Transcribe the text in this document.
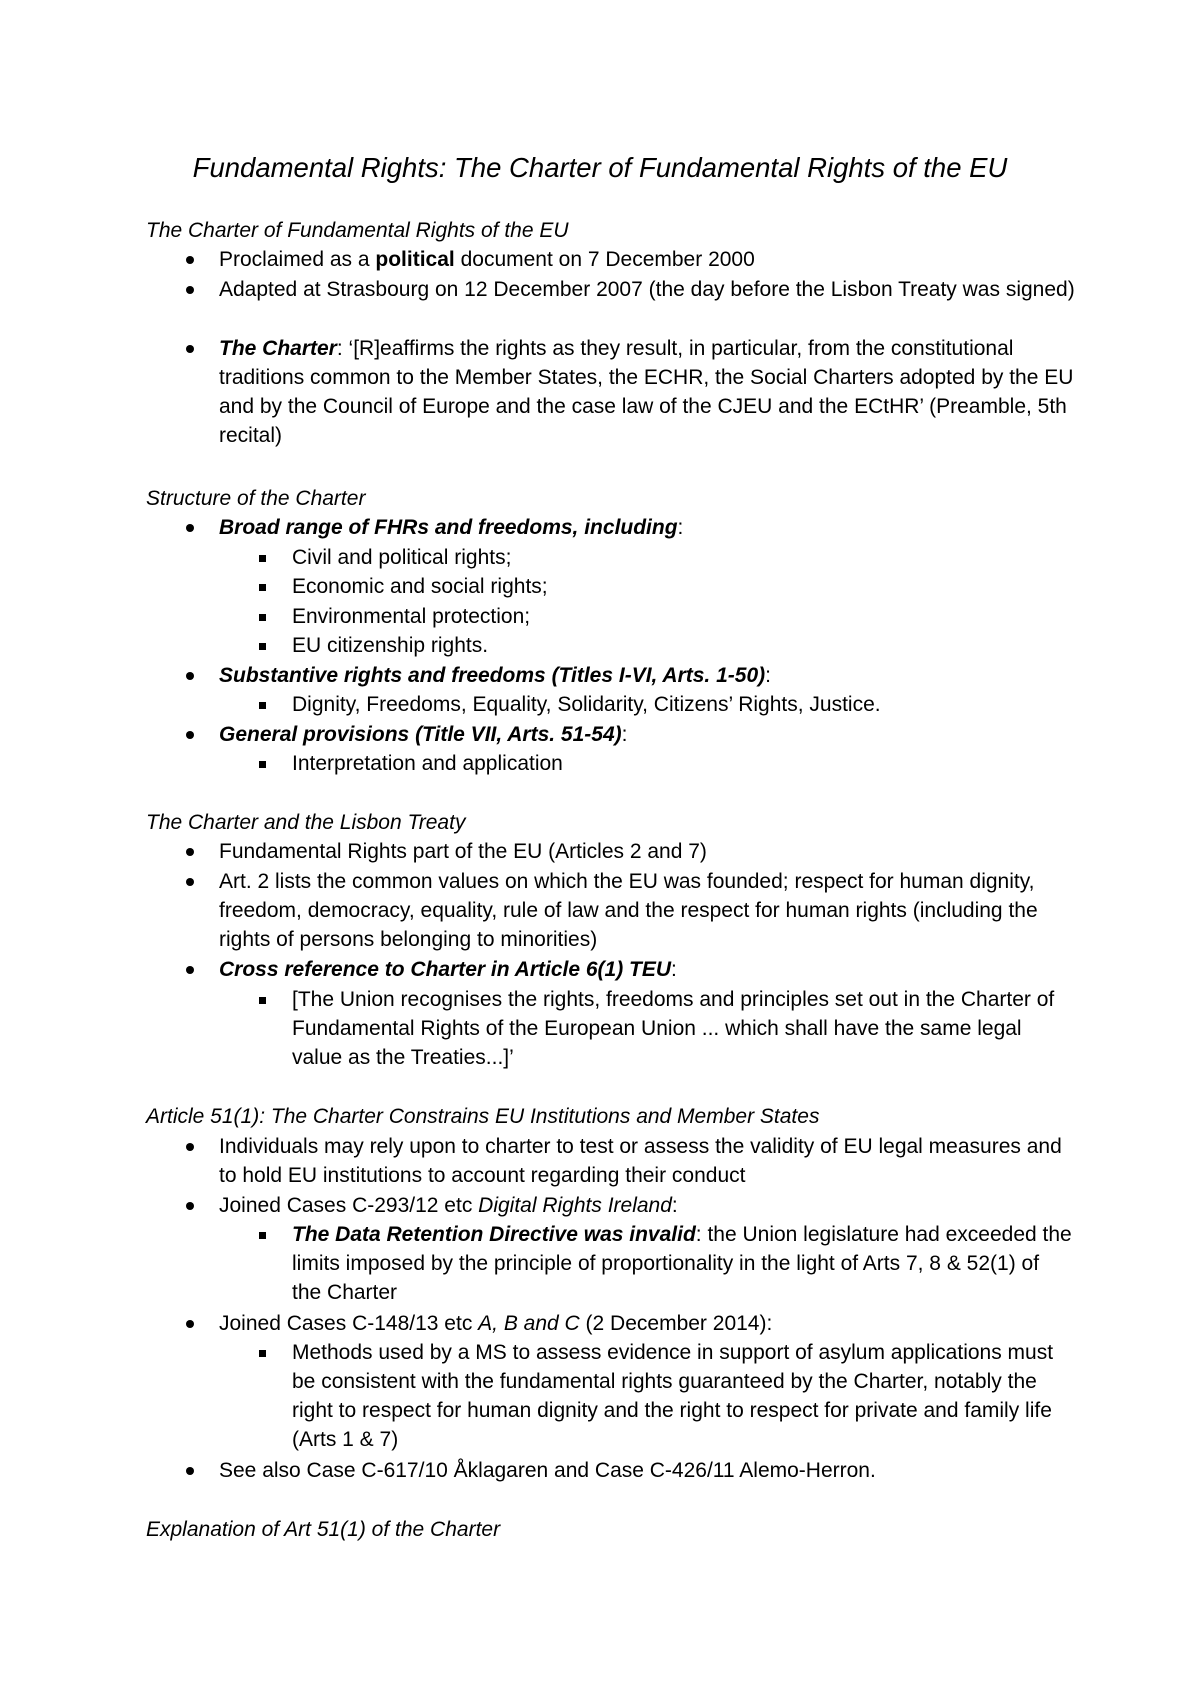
Fundamental Rights: The Charter of Fundamental Rights of the EU
The Charter of Fundamental Rights of the EU
Proclaimed as a political document on 7 December 2000
Adapted at Strasbourg on 12 December 2007 (the day before the Lisbon Treaty was signed)
The Charter: ‘[R]eaffirms the rights as they result, in particular, from the constitutional traditions common to the Member States, the ECHR, the Social Charters adopted by the EU and by the Council of Europe and the case law of the CJEU and the ECtHR’ (Preamble, 5th recital)
Structure of the Charter
Broad range of FHRs and freedoms, including:
Civil and political rights;
Economic and social rights;
Environmental protection;
EU citizenship rights.
Substantive rights and freedoms (Titles I-VI, Arts. 1-50):
Dignity, Freedoms, Equality, Solidarity, Citizens’ Rights, Justice.
General provisions (Title VII, Arts. 51-54):
Interpretation and application
The Charter and the Lisbon Treaty
Fundamental Rights part of the EU (Articles 2 and 7)
Art. 2 lists the common values on which the EU was founded; respect for human dignity, freedom, democracy, equality, rule of law and the respect for human rights (including the rights of persons belonging to minorities)
Cross reference to Charter in Article 6(1) TEU:
[The Union recognises the rights, freedoms and principles set out in the Charter of Fundamental Rights of the European Union ... which shall have the same legal value as the Treaties...]’
Article 51(1): The Charter Constrains EU Institutions and Member States
Individuals may rely upon to charter to test or assess the validity of EU legal measures and to hold EU institutions to account regarding their conduct
Joined Cases C-293/12 etc Digital Rights Ireland:
The Data Retention Directive was invalid: the Union legislature had exceeded the limits imposed by the principle of proportionality in the light of Arts 7, 8 & 52(1) of the Charter
Joined Cases C-148/13 etc A, B and C (2 December 2014):
Methods used by a MS to assess evidence in support of asylum applications must be consistent with the fundamental rights guaranteed by the Charter, notably the right to respect for human dignity and the right to respect for private and family life (Arts 1 & 7)
See also Case C-617/10 Åklagaren and Case C-426/11 Alemo-Herron.
Explanation of Art 51(1) of the Charter
